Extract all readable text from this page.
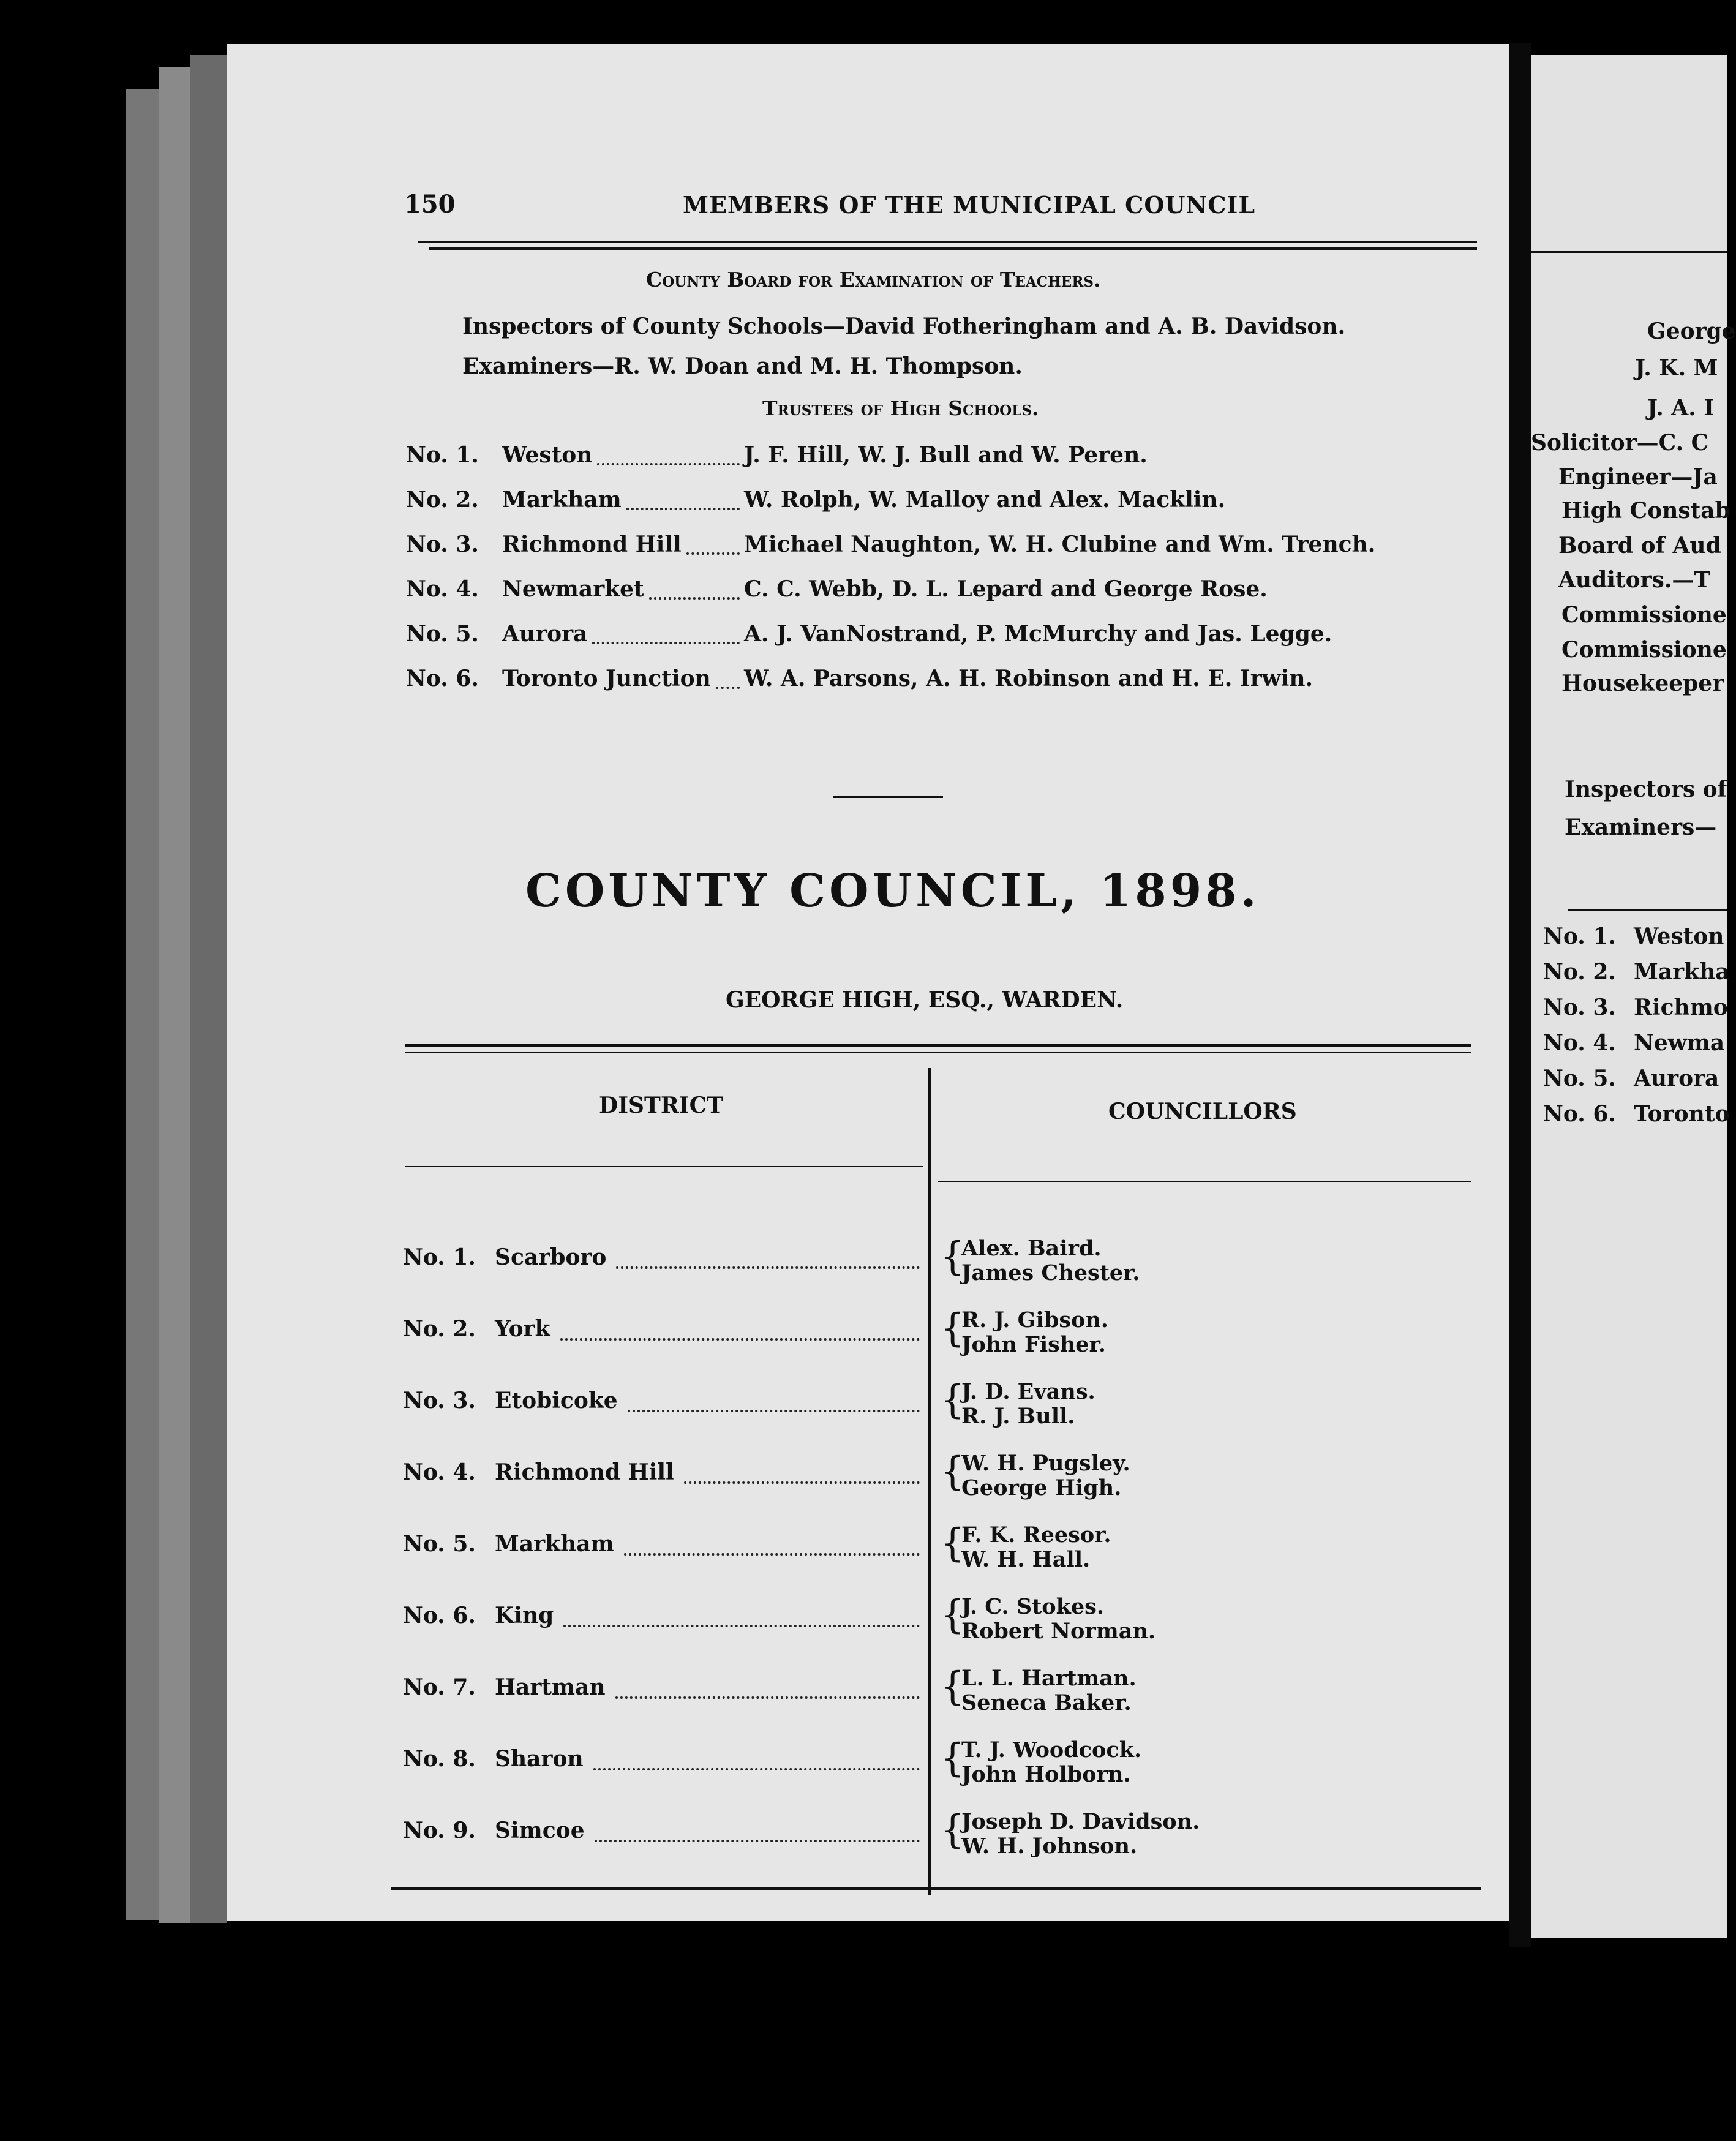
150	MEMBERS OF THE MUNICIPAL COUNCIL
County Board for Examination of Teachers.
Inspectors of County Schools—David Fotheringham and A. B. Davidson.
Examiners—R. W. Doan and M. H. Thompson.
Trustees of High Schools.
No. 1. Weston	J. F. Hill, W. J. Bull and W. Peren.
No. 2. Markham	W. Rolph, W. Malloy and Alex. Macklin.
No. 3. Richmond Hill	Michael Naughton, W. H. Clubine and Wm. Trench.
No. 4. Newmarket	C. C. Webb, D. L. Lepard and George Rose.
No. 5. Aurora	A. J. VanNostrand, P. McMurchy and Jas. Legge.
No. 6. Toronto Junction W. A. Parsons, A. H. Robinson and H. E. Irwin.
COUNTY COUNCIL, 1898.
GEORGE HIGH, ESQ., WARDEN.
DISTRICT	COUNCILLORS
No. 1. Scarboro	{
Alex. Baird.
James Chester.
No. 2. York	{
R. J. Gibson.
John Fisher.
No. 3. Etobicoke	{
J. D. Evans.
R. J. Bull.
No. 4. Richmond Hill	{
W. H. Pugsley.
George High.
No. 5. Markham	{
F. K. Reesor.
W. H. Hall.
No. 6. King	{
J. C. Stokes.
Robert Norman.
No. 7. Hartman	{
L. L. Hartman.
Seneca Baker.
No. 8. Sharon	{
T. J. Woodcock.
John Holborn.
No. 9. Simcoe	{
Joseph D. Davidson.
W. H. Johnson.
George
J. K. M
J. A. I
Solicitor—C. C
Engineer—Ja
High Constab
Board of Aud
Auditors.—T
Commissione
Commissione
Housekeeper
Inspectors of
Examiners—
No. 1. Weston
No. 2. Markha
No. 3. Richmo
No. 4. Newma
No. 5. Aurora
No. 6. Toronto
